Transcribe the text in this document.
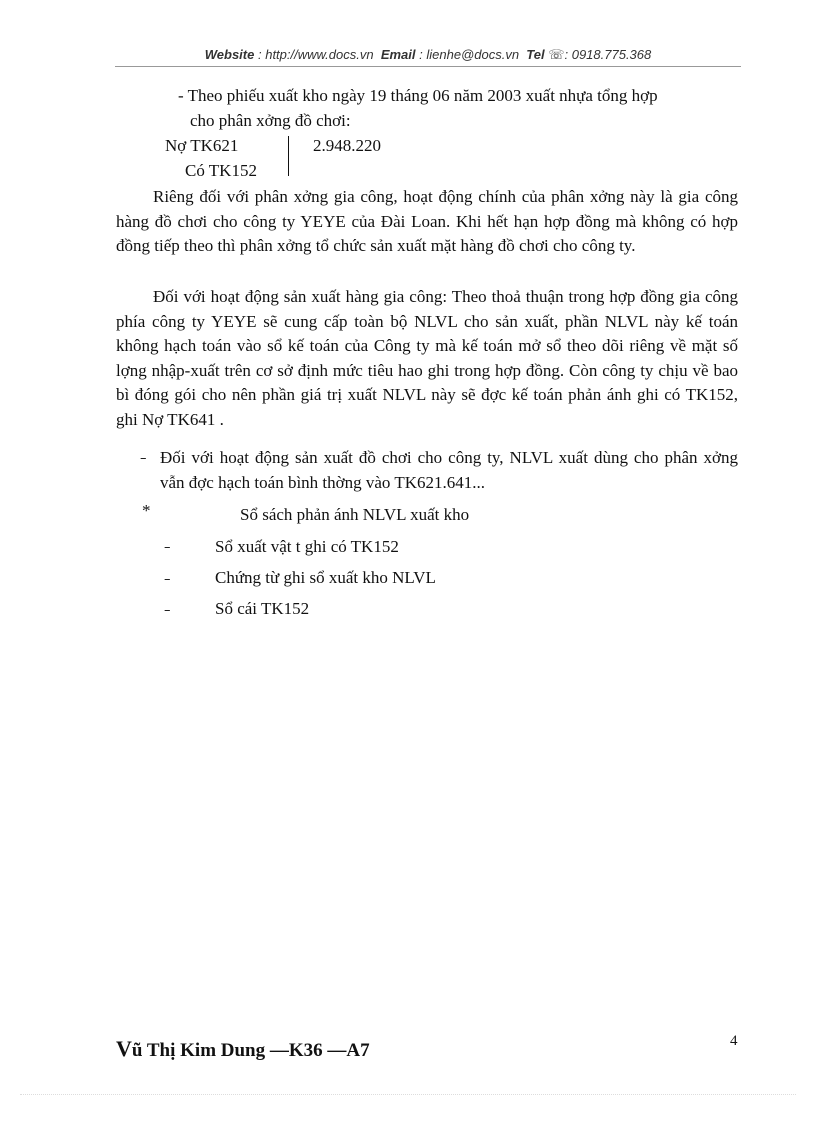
Website : http://www.docs.vn Email : lienhe@docs.vn Tel ☏: 0918.775.368
- Theo phiếu xuất kho ngày 19 tháng 06 năm 2003 xuất nhựa tổng hợp
cho phân xởng đồ chơi:
Nợ TK621	2.948.220
Có TK152
Riêng đối với phân xởng gia công, hoạt động chính của phân xởng này là gia công hàng đồ chơi cho công ty YEYE của Đài Loan. Khi hết hạn hợp đồng mà không có hợp đồng tiếp theo thì phân xởng tổ chức sản xuất mặt hàng đồ chơi cho công ty.
Đối với hoạt động sản xuất hàng gia công: Theo thoả thuận trong hợp đồng gia công phía công ty YEYE sẽ cung cấp toàn bộ NLVL cho sản xuất, phần NLVL này kế toán không hạch toán vào sổ kế toán của Công ty mà kế toán mở sổ theo dõi riêng về mặt số lợng nhập-xuất trên cơ sở định mức tiêu hao ghi trong hợp đồng. Còn công ty chịu về bao bì đóng gói cho nên phần giá trị xuất NLVL này sẽ đợc kế toán phản ánh ghi có TK152, ghi Nợ TK641 .
– Đối với hoạt động sản xuất đồ chơi cho công ty, NLVL xuất dùng cho phân xởng vẫn đợc hạch toán bình thờng vào TK621.641...
*	Sổ sách phản ánh NLVL xuất kho
–	Sổ xuất vật t ghi có TK152
–	Chứng từ ghi sổ xuất kho NLVL
–	Sổ cái TK152
Vũ Thị Kim Dung —K36 —A7	4
